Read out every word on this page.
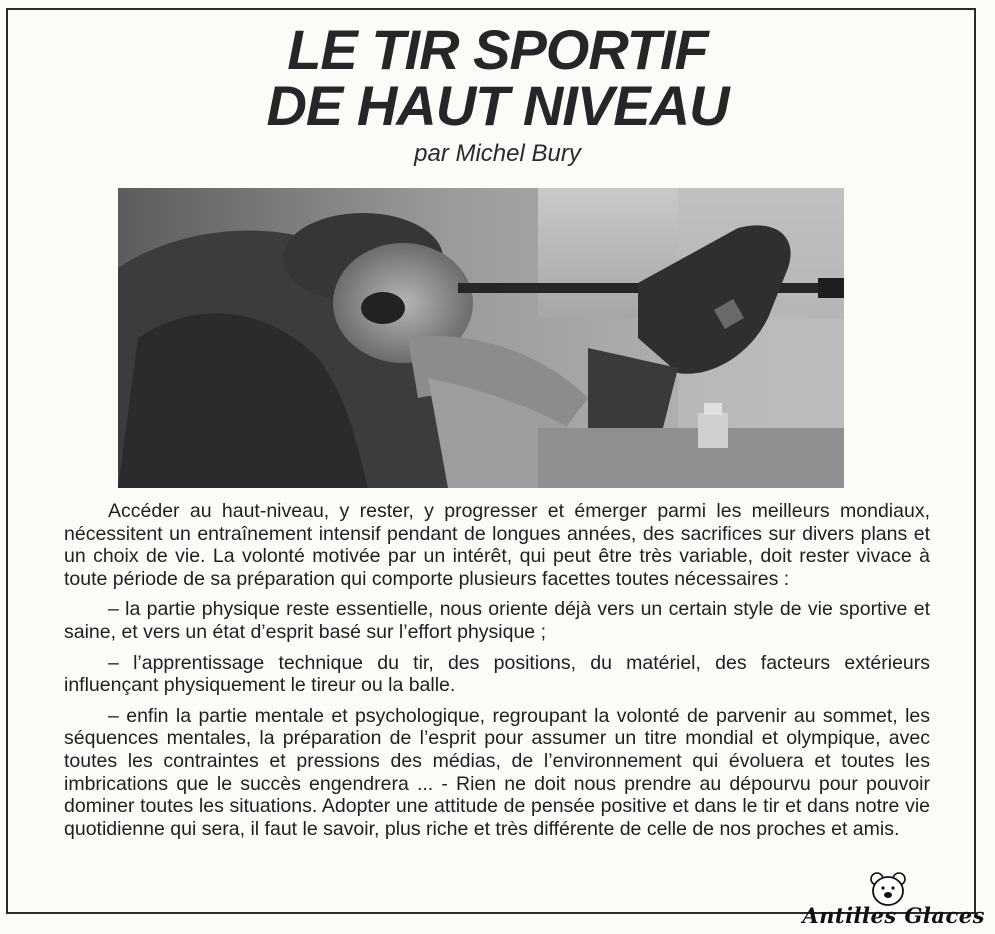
LE TIR SPORTIF
DE HAUT NIVEAU

par Michel Bury

Accéder au haut-niveau, y rester, y progresser et émerger parmi les meilleurs mondiaux, nécessitent un entraînement intensif pendant de longues années, des sacrifices sur divers plans et un choix de vie. La volonté motivée par un intérêt, qui peut être très variable, doit rester vivace à toute période de sa préparation qui comporte plusieurs facettes toutes nécessaires :

– la partie physique reste essentielle, nous oriente déjà vers un certain style de vie sportive et saine, et vers un état d’esprit basé sur l’effort physique ;

– l’apprentissage technique du tir, des positions, du matériel, des facteurs extérieurs influençant physiquement le tireur ou la balle.

– enfin la partie mentale et psychologique, regroupant la volonté de parvenir au sommet, les séquences mentales, la préparation de l’esprit pour assumer un titre mondial et olympique, avec toutes les contraintes et pressions des médias, de l’environnement qui évoluera et toutes les imbrications que le succès engendrera ... - Rien ne doit nous prendre au dépourvu pour pouvoir dominer toutes les situations. Adopter une attitude de pensée positive et dans le tir et dans notre vie quotidienne qui sera, il faut le savoir, plus riche et très différente de celle de nos proches et amis.

Antilles Glaces
